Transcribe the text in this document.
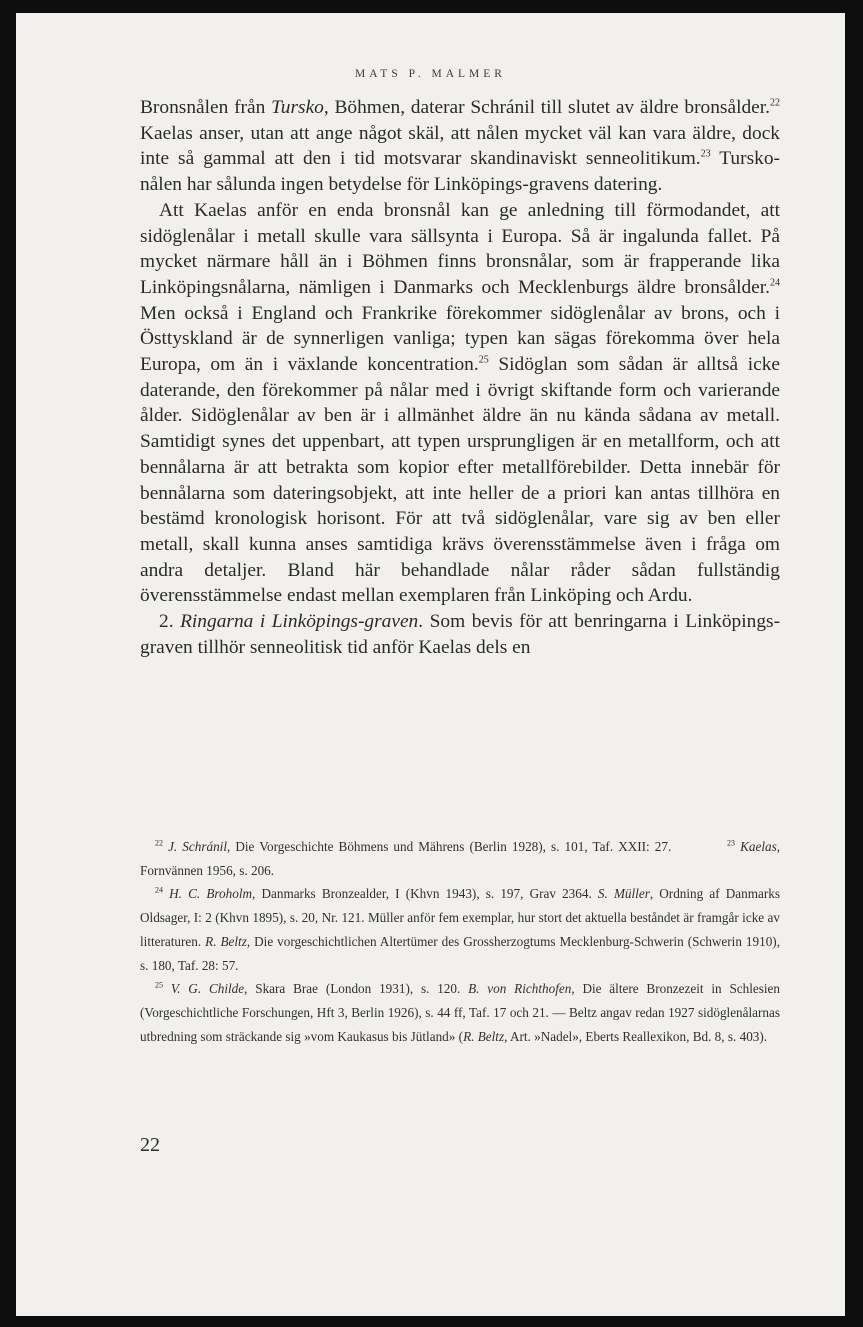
MATS P. MALMER

Bronsnålen från Tursko, Böhmen, daterar Schránil till slutet av äldre bronsålder.$^{22}$ Kaelas anser, utan att ange något skäl, att nålen mycket väl kan vara äldre, dock inte så gammal att den i tid motsvarar skandinaviskt senneolitikum.$^{23}$ Tursko-nålen har sålunda ingen betydelse för Linköpings-gravens datering.

Att Kaelas anför en enda bronsnål kan ge anledning till förmodandet, att sidöglenålar i metall skulle vara sällsynta i Europa. Så är ingalunda fallet. På mycket närmare håll än i Böhmen finns bronsnålar, som är frapperande lika Linköpingsnålarna, nämligen i Danmarks och Mecklenburgs äldre bronsålder.$^{24}$ Men också i England och Frankrike förekommer sidöglenålar av brons, och i Östtyskland är de synnerligen vanliga; typen kan sägas förekomma över hela Europa, om än i växlande koncentration.$^{25}$ Sidöglan som sådan är alltså icke daterande, den förekommer på nålar med i övrigt skiftande form och varierande ålder. Sidöglenålar av ben är i allmänhet äldre än nu kända sådana av metall. Samtidigt synes det uppenbart, att typen ursprungligen är en metallform, och att bennålarna är att betrakta som kopior efter metallförebilder. Detta innebär för bennålarna som dateringsobjekt, att inte heller de a priori kan antas tillhöra en bestämd kronologisk horisont. För att två sidöglenålar, vare sig av ben eller metall, skall kunna anses samtidiga krävs överensstämmelse även i fråga om andra detaljer. Bland här behandlade nålar råder sådan fullständig överensstämmelse endast mellan exemplaren från Linköping och Ardu.

2. Ringarna i Linköpings-graven. Som bevis för att benringarna i Linköpings-graven tillhör senneolitisk tid anför Kaelas dels en

$^{22}$ J. Schránil, Die Vorgeschichte Böhmens und Mährens (Berlin 1928), s. 101, Taf. XXII: 27.	$^{23}$ Kaelas, Fornvännen 1956, s. 206.

$^{24}$ H. C. Broholm, Danmarks Bronzealder, I (Khvn 1943), s. 197, Grav 2364. S. Müller, Ordning af Danmarks Oldsager, I: 2 (Khvn 1895), s. 20, Nr. 121. Müller anför fem exemplar, hur stort det aktuella beståndet är framgår icke av litteraturen. R. Beltz, Die vorgeschichtlichen Altertümer des Grossherzogtums Mecklenburg-Schwerin (Schwerin 1910), s. 180, Taf. 28: 57.

$^{25}$ V. G. Childe, Skara Brae (London 1931), s. 120. B. von Richthofen, Die ältere Bronzezeit in Schlesien (Vorgeschichtliche Forschungen, Hft 3, Berlin 1926), s. 44 ff, Taf. 17 och 21. — Beltz angav redan 1927 sidöglenålarnas utbredning som sträckande sig »vom Kaukasus bis Jütland» (R. Beltz, Art. »Nadel», Eberts Reallexikon, Bd. 8, s. 403).

22
